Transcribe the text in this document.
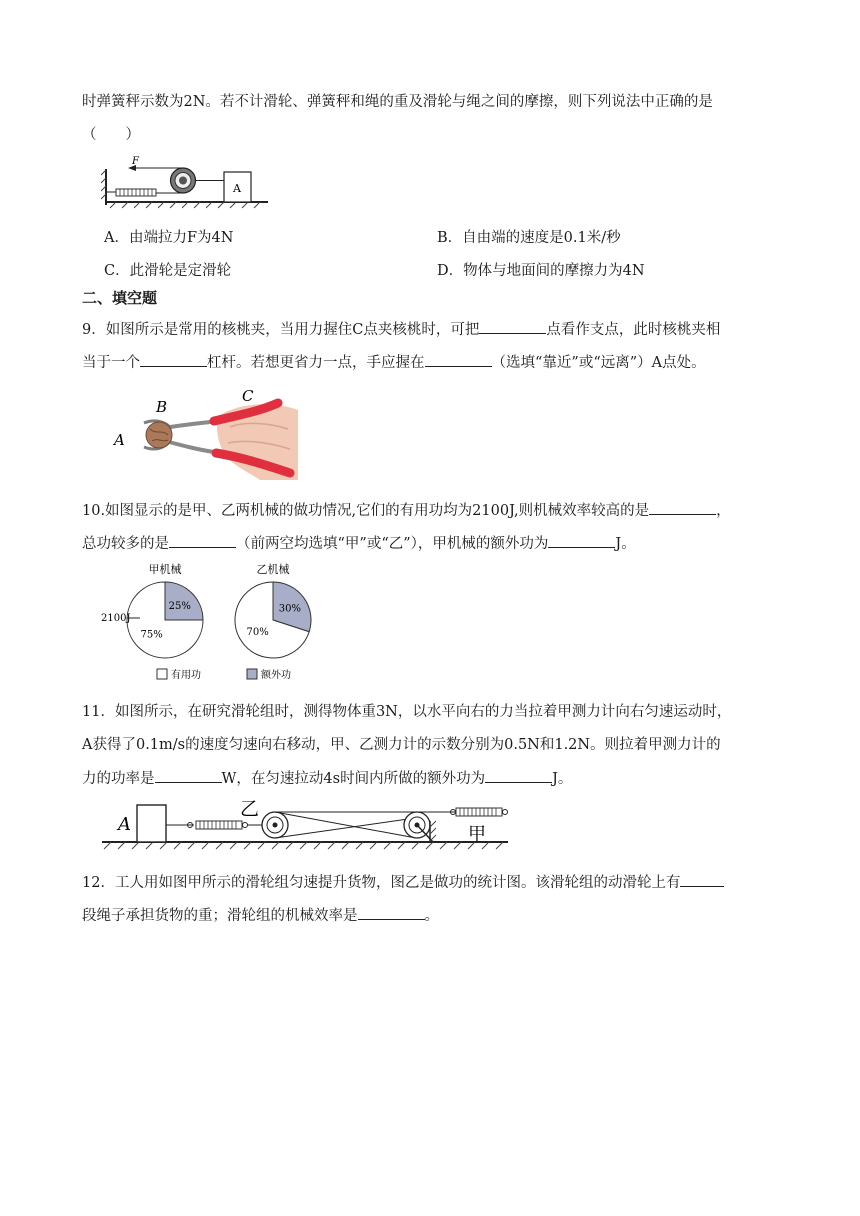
时弹簧秤示数为2N。若不计滑轮、弹簧秤和绳的重及滑轮与绳之间的摩擦，则下列说法中正确的是
（　　）
F
A
A．由端拉力F为4N	B．自由端的速度是0.1米/秒
C．此滑轮是定滑轮	D．物体与地面间的摩擦力为4N
二、填空题
9．如图所示是常用的核桃夹，当用力握住C点夹核桃时，可把	点看作支点，此时核桃夹相
当于一个	杠杆。若想更省力一点，手应握在	（选填“靠近”或“远离”）A点处。
A
B
C
10.如图显示的是甲、乙两机械的做功情况,它们的有用功均为2100J,则机械效率较高的是	，
总功较多的是	（前两空均选填“甲”或“乙”），甲机械的额外功为	J。
甲机械	乙机械
25%
75%
30%
70%
2100J
有用功	额外功
11．如图所示，在研究滑轮组时，测得物体重3N，以水平向右的力当拉着甲测力计向右匀速运动时，
A获得了0.1m/s的速度匀速向右移动，甲、乙测力计的示数分别为0.5N和1.2N。则拉着甲测力计的
力的功率是	W，在匀速拉动4s时间内所做的额外功为	J。
A
乙
甲
12．工人用如图甲所示的滑轮组匀速提升货物，图乙是做功的统计图。该滑轮组的动滑轮上有
段绳子承担货物的重；滑轮组的机械效率是	。
